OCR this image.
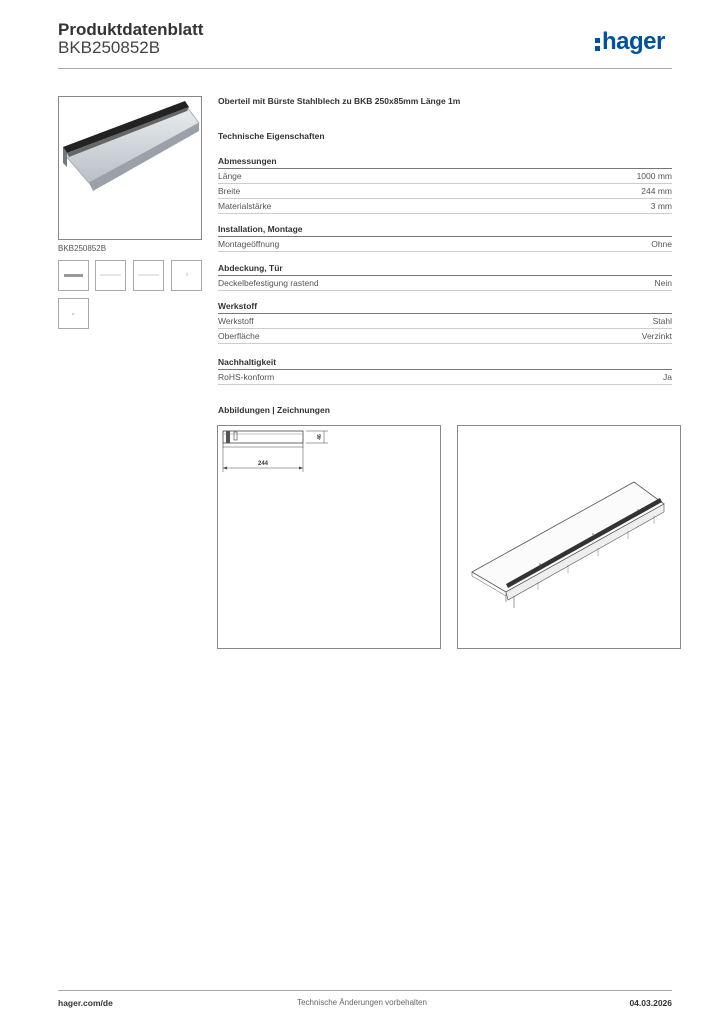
Produktdatenblatt
BKB250852B	hager
BKB250852B
Oberteil mit Bürste Stahlblech zu BKB 250x85mm Länge 1m
Technische Eigenschaften
Abmessungen
Länge	1000 mm
Breite	244 mm
Materialstärke	3 mm
Installation, Montage
Montageöffnung	Ohne
Abdeckung, Tür
Deckelbefestigung rastend	Nein
Werkstoff
Werkstoff	Stahl
Oberfläche	Verzinkt
Nachhaltigkeit
RoHS-konform	Ja
Abbildungen | Zeichnungen
244
46
hager.com/de	Technische Änderungen vorbehalten	04.03.2026
